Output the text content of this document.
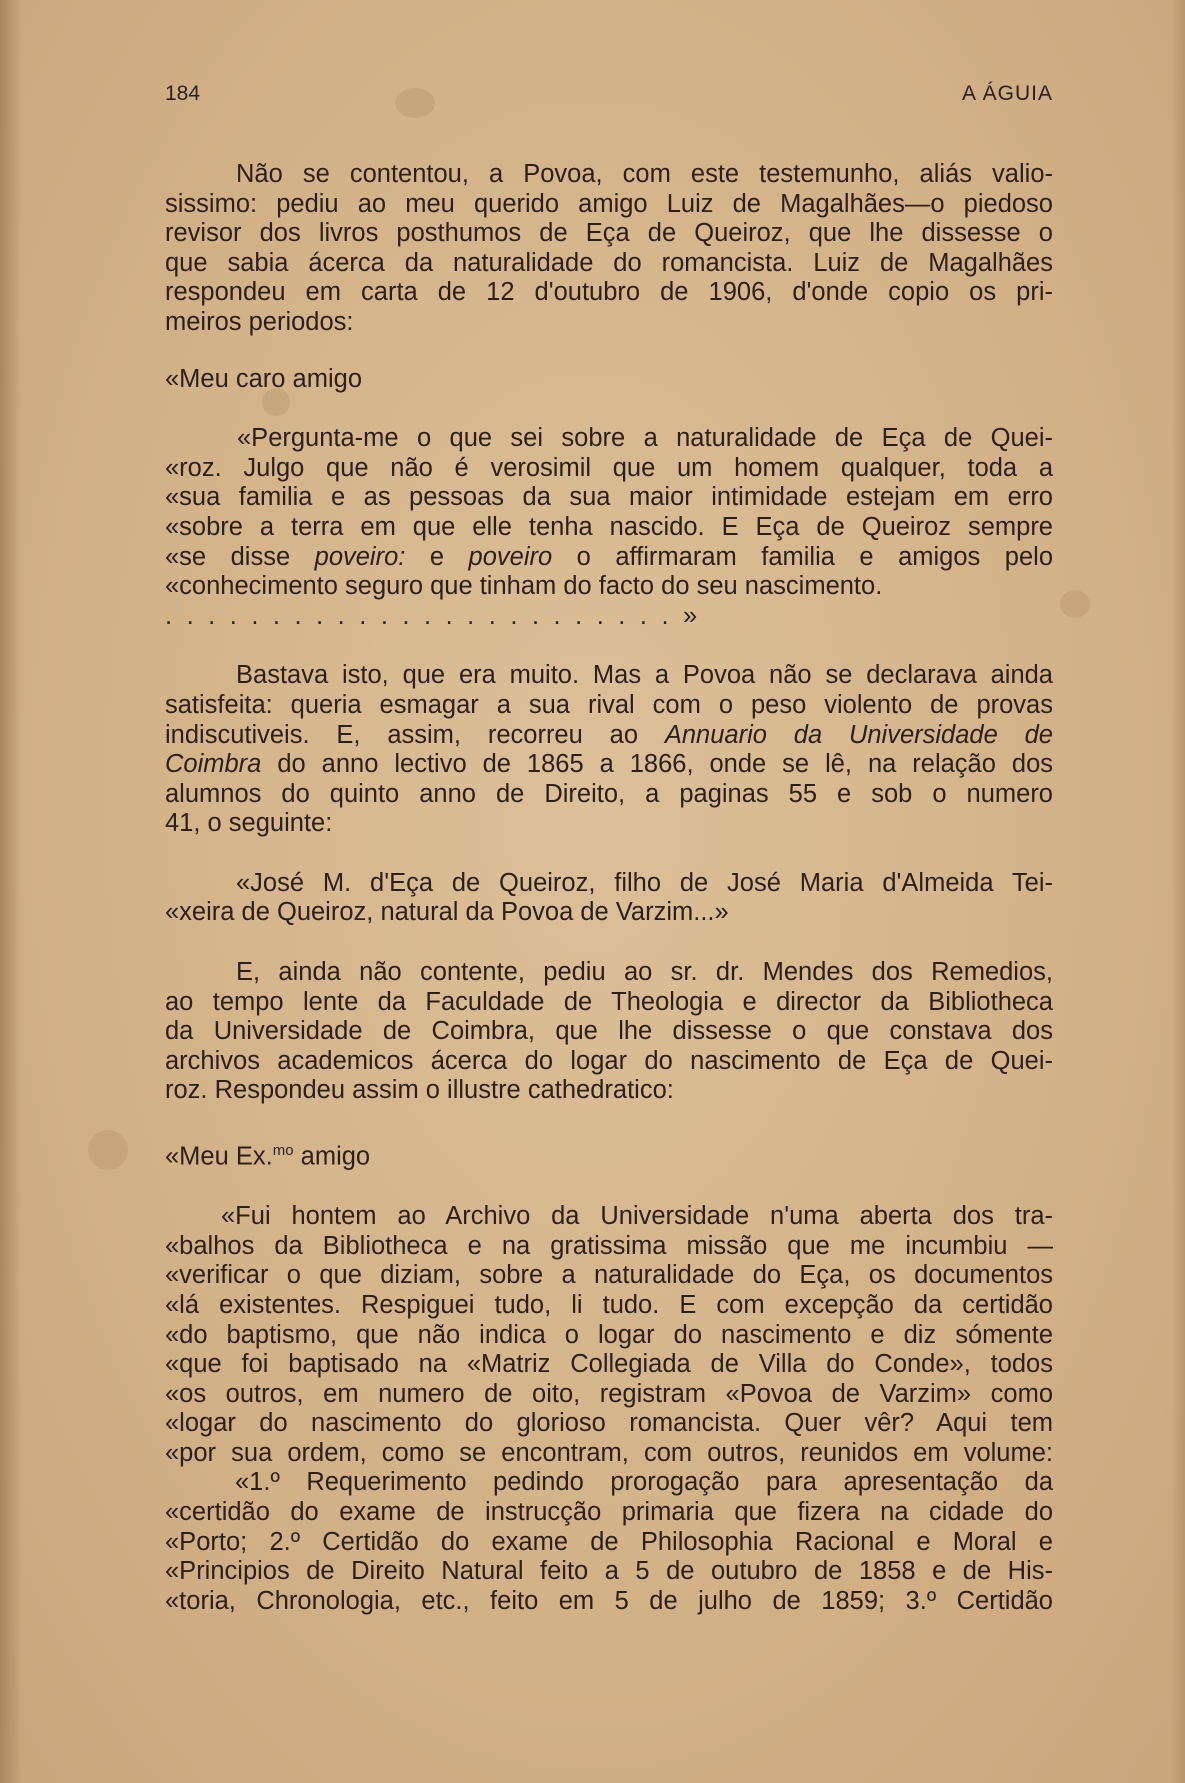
184	A ÁGUIA

Não se contentou, a Povoa, com este testemunho, aliás valio-

sissimo: pediu ao meu querido amigo Luiz de Magalhães—o piedoso

revisor dos livros posthumos de Eça de Queiroz, que lhe dissesse o

que sabia ácerca da naturalidade do romancista. Luiz de Magalhães

respondeu em carta de 12 d'outubro de 1906, d'onde copio os pri-

meiros periodos:

«Meu caro amigo

«Pergunta-me o que sei sobre a naturalidade de Eça de Quei-

«roz. Julgo que não é verosimil que um homem qualquer, toda a

«sua familia e as pessoas da sua maior intimidade estejam em erro

«sobre a terra em que elle tenha nascido. E Eça de Queiroz sempre

«se disse poveiro: e poveiro o affirmaram familia e amigos pelo

«conhecimento seguro que tinham do facto do seu nascimento.

........................»

Bastava isto, que era muito. Mas a Povoa não se declarava ainda

satisfeita: queria esmagar a sua rival com o peso violento de provas

indiscutiveis. E, assim, recorreu ao Annuario da Universidade de

Coimbra do anno lectivo de 1865 a 1866, onde se lê, na relação dos

alumnos do quinto anno de Direito, a paginas 55 e sob o numero

41, o seguinte:

«José M. d'Eça de Queiroz, filho de José Maria d'Almeida Tei-

«xeira de Queiroz, natural da Povoa de Varzim...»

E, ainda não contente, pediu ao sr. dr. Mendes dos Remedios,

ao tempo lente da Faculdade de Theologia e director da Bibliotheca

da Universidade de Coimbra, que lhe dissesse o que constava dos

archivos academicos ácerca do logar do nascimento de Eça de Quei-

roz. Respondeu assim o illustre cathedratico:

«Meu Ex.$^{mo}$ amigo

«Fui hontem ao Archivo da Universidade n'uma aberta dos tra-

«balhos da Bibliotheca e na gratissima missão que me incumbiu —

«verificar o que diziam, sobre a naturalidade do Eça, os documentos

«lá existentes. Respiguei tudo, li tudo. E com excepção da certidão

«do baptismo, que não indica o logar do nascimento e diz sómente

«que foi baptisado na «Matriz Collegiada de Villa do Conde», todos

«os outros, em numero de oito, registram «Povoa de Varzim» como

«logar do nascimento do glorioso romancista. Quer vêr? Aqui tem

«por sua ordem, como se encontram, com outros, reunidos em volume:

«1.º Requerimento pedindo prorogação para apresentação da

«certidão do exame de instrucção primaria que fizera na cidade do

«Porto; 2.º Certidão do exame de Philosophia Racional e Moral e

«Principios de Direito Natural feito a 5 de outubro de 1858 e de His-

«toria, Chronologia, etc., feito em 5 de julho de 1859; 3.º Certidão
